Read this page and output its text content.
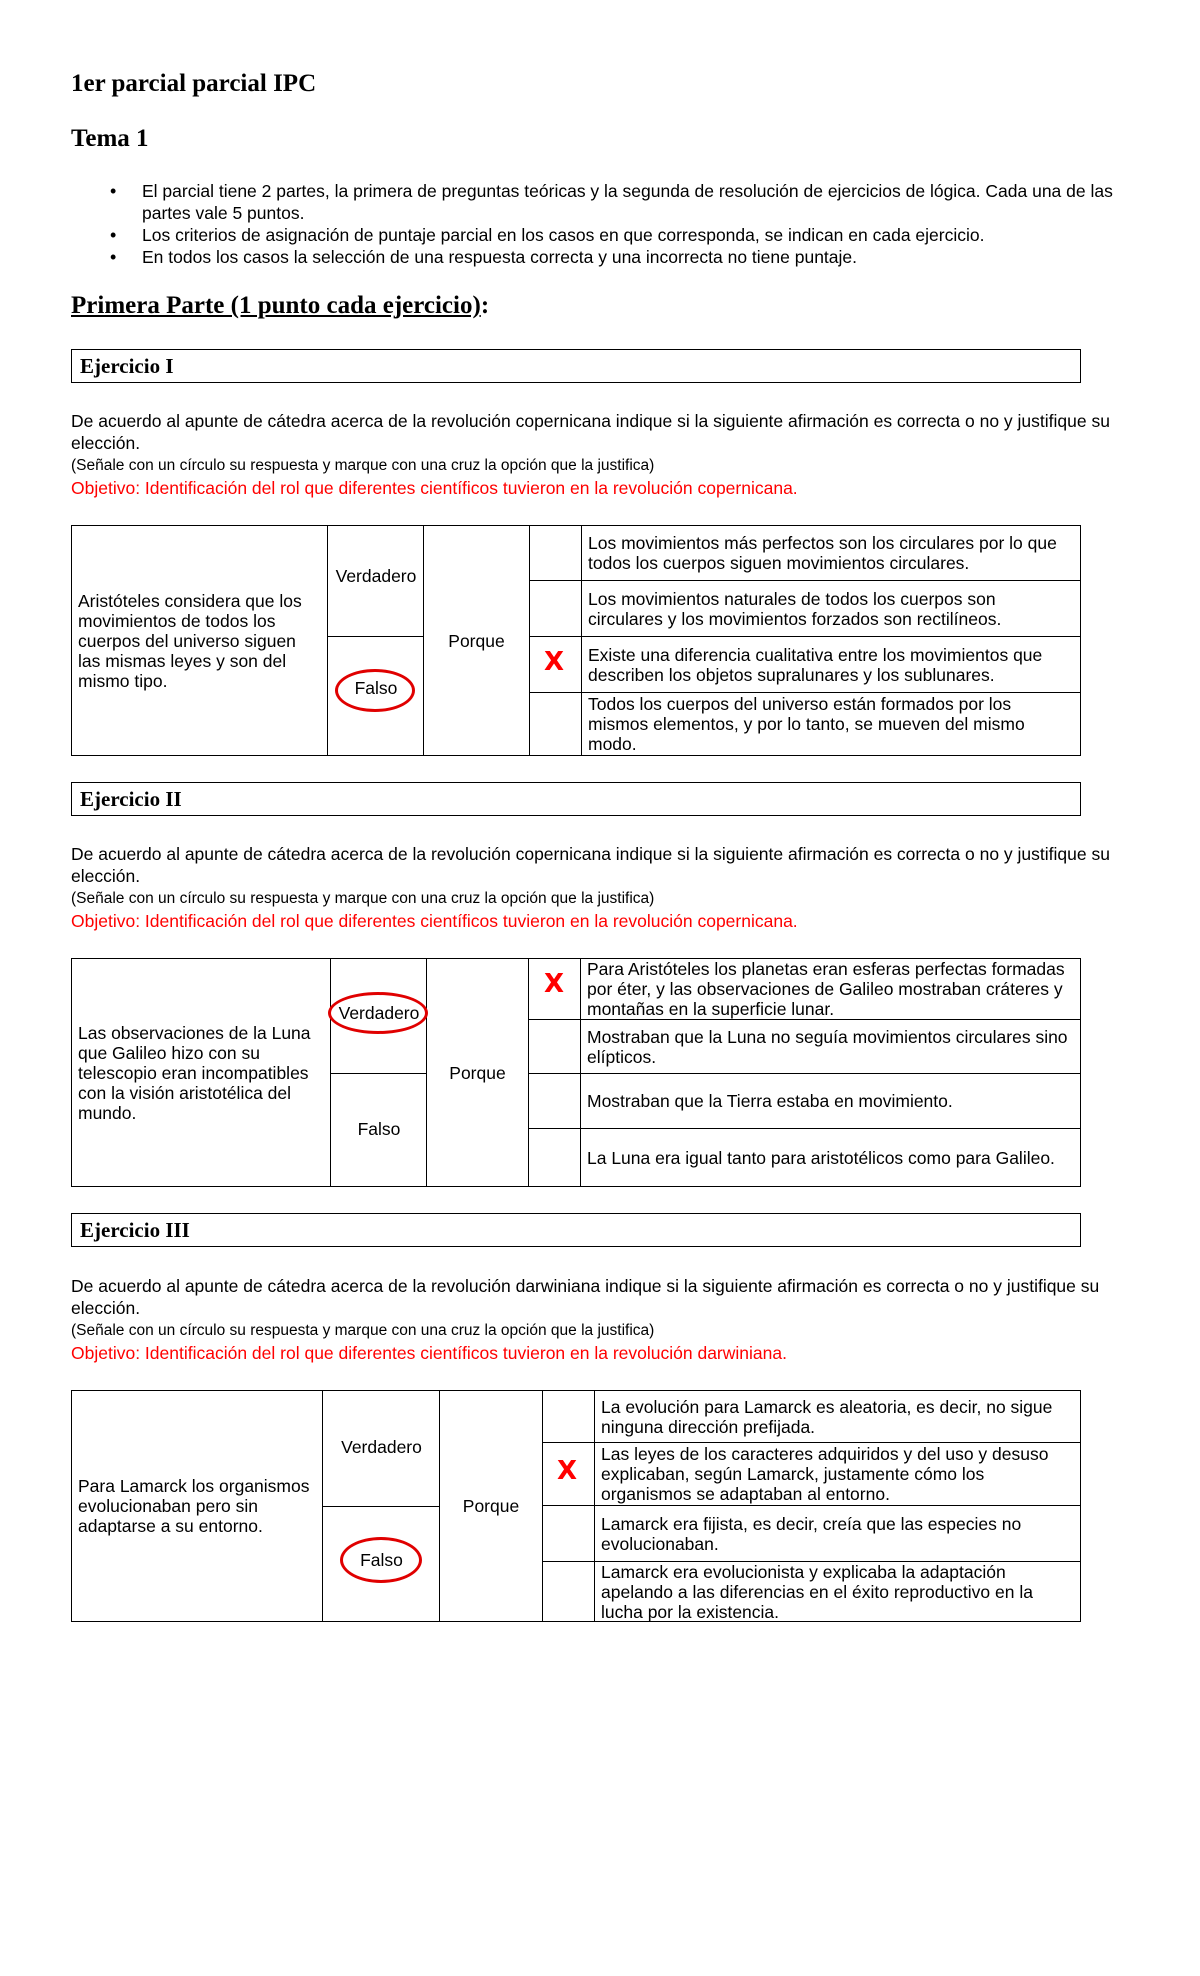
1er parcial parcial IPC
Tema 1
• El parcial tiene 2 partes, la primera de preguntas teóricas y la segunda de resolución de ejercicios de lógica. Cada una de las partes vale 5 puntos.
• Los criterios de asignación de puntaje parcial en los casos en que corresponda, se indican en cada ejercicio.
• En todos los casos la selección de una respuesta correcta y una incorrecta no tiene puntaje.
Primera Parte (1 punto cada ejercicio):
Ejercicio I
De acuerdo al apunte de cátedra acerca de la revolución copernicana indique si la siguiente afirmación es correcta o no y justifique su elección.
(Señale con un círculo su respuesta y marque con una cruz la opción que la justifica)
Objetivo: Identificación del rol que diferentes científicos tuvieron en la revolución copernicana.
Aristóteles considera que los movimientos de todos los cuerpos del universo siguen las mismas leyes y son del mismo tipo.
Verdadero
Falso
Porque
Los movimientos más perfectos son los circulares por lo que todos los cuerpos siguen movimientos circulares.
Los movimientos naturales de todos los cuerpos son circulares y los movimientos forzados son rectilíneos.
Existe una diferencia cualitativa entre los movimientos que describen los objetos supralunares y los sublunares.
Todos los cuerpos del universo están formados por los mismos elementos, y por lo tanto, se mueven del mismo modo.
X
Ejercicio II
De acuerdo al apunte de cátedra acerca de la revolución copernicana indique si la siguiente afirmación es correcta o no y justifique su elección.
(Señale con un círculo su respuesta y marque con una cruz la opción que la justifica)
Objetivo: Identificación del rol que diferentes científicos tuvieron en la revolución copernicana.
Las observaciones de la Luna que Galileo hizo con su telescopio eran incompatibles con la visión aristotélica del mundo.
Verdadero
Falso
Porque
Para Aristóteles los planetas eran esferas perfectas formadas por éter, y las observaciones de Galileo mostraban cráteres y montañas en la superficie lunar.
Mostraban que la Luna no seguía movimientos circulares sino elípticos.
Mostraban que la Tierra estaba en movimiento.
La Luna era igual tanto para aristotélicos como para Galileo.
X
Ejercicio III
De acuerdo al apunte de cátedra acerca de la revolución darwiniana indique si la siguiente afirmación es correcta o no y justifique su elección.
(Señale con un círculo su respuesta y marque con una cruz la opción que la justifica)
Objetivo: Identificación del rol que diferentes científicos tuvieron en la revolución darwiniana.
Para Lamarck los organismos evolucionaban pero sin adaptarse a su entorno.
Verdadero
Falso
Porque
La evolución para Lamarck es aleatoria, es decir, no sigue ninguna dirección prefijada.
Las leyes de los caracteres adquiridos y del uso y desuso explicaban, según Lamarck, justamente cómo los organismos se adaptaban al entorno.
Lamarck era fijista, es decir, creía que las especies no evolucionaban.
Lamarck era evolucionista y explicaba la adaptación apelando a las diferencias en el éxito reproductivo en la lucha por la existencia.
X
